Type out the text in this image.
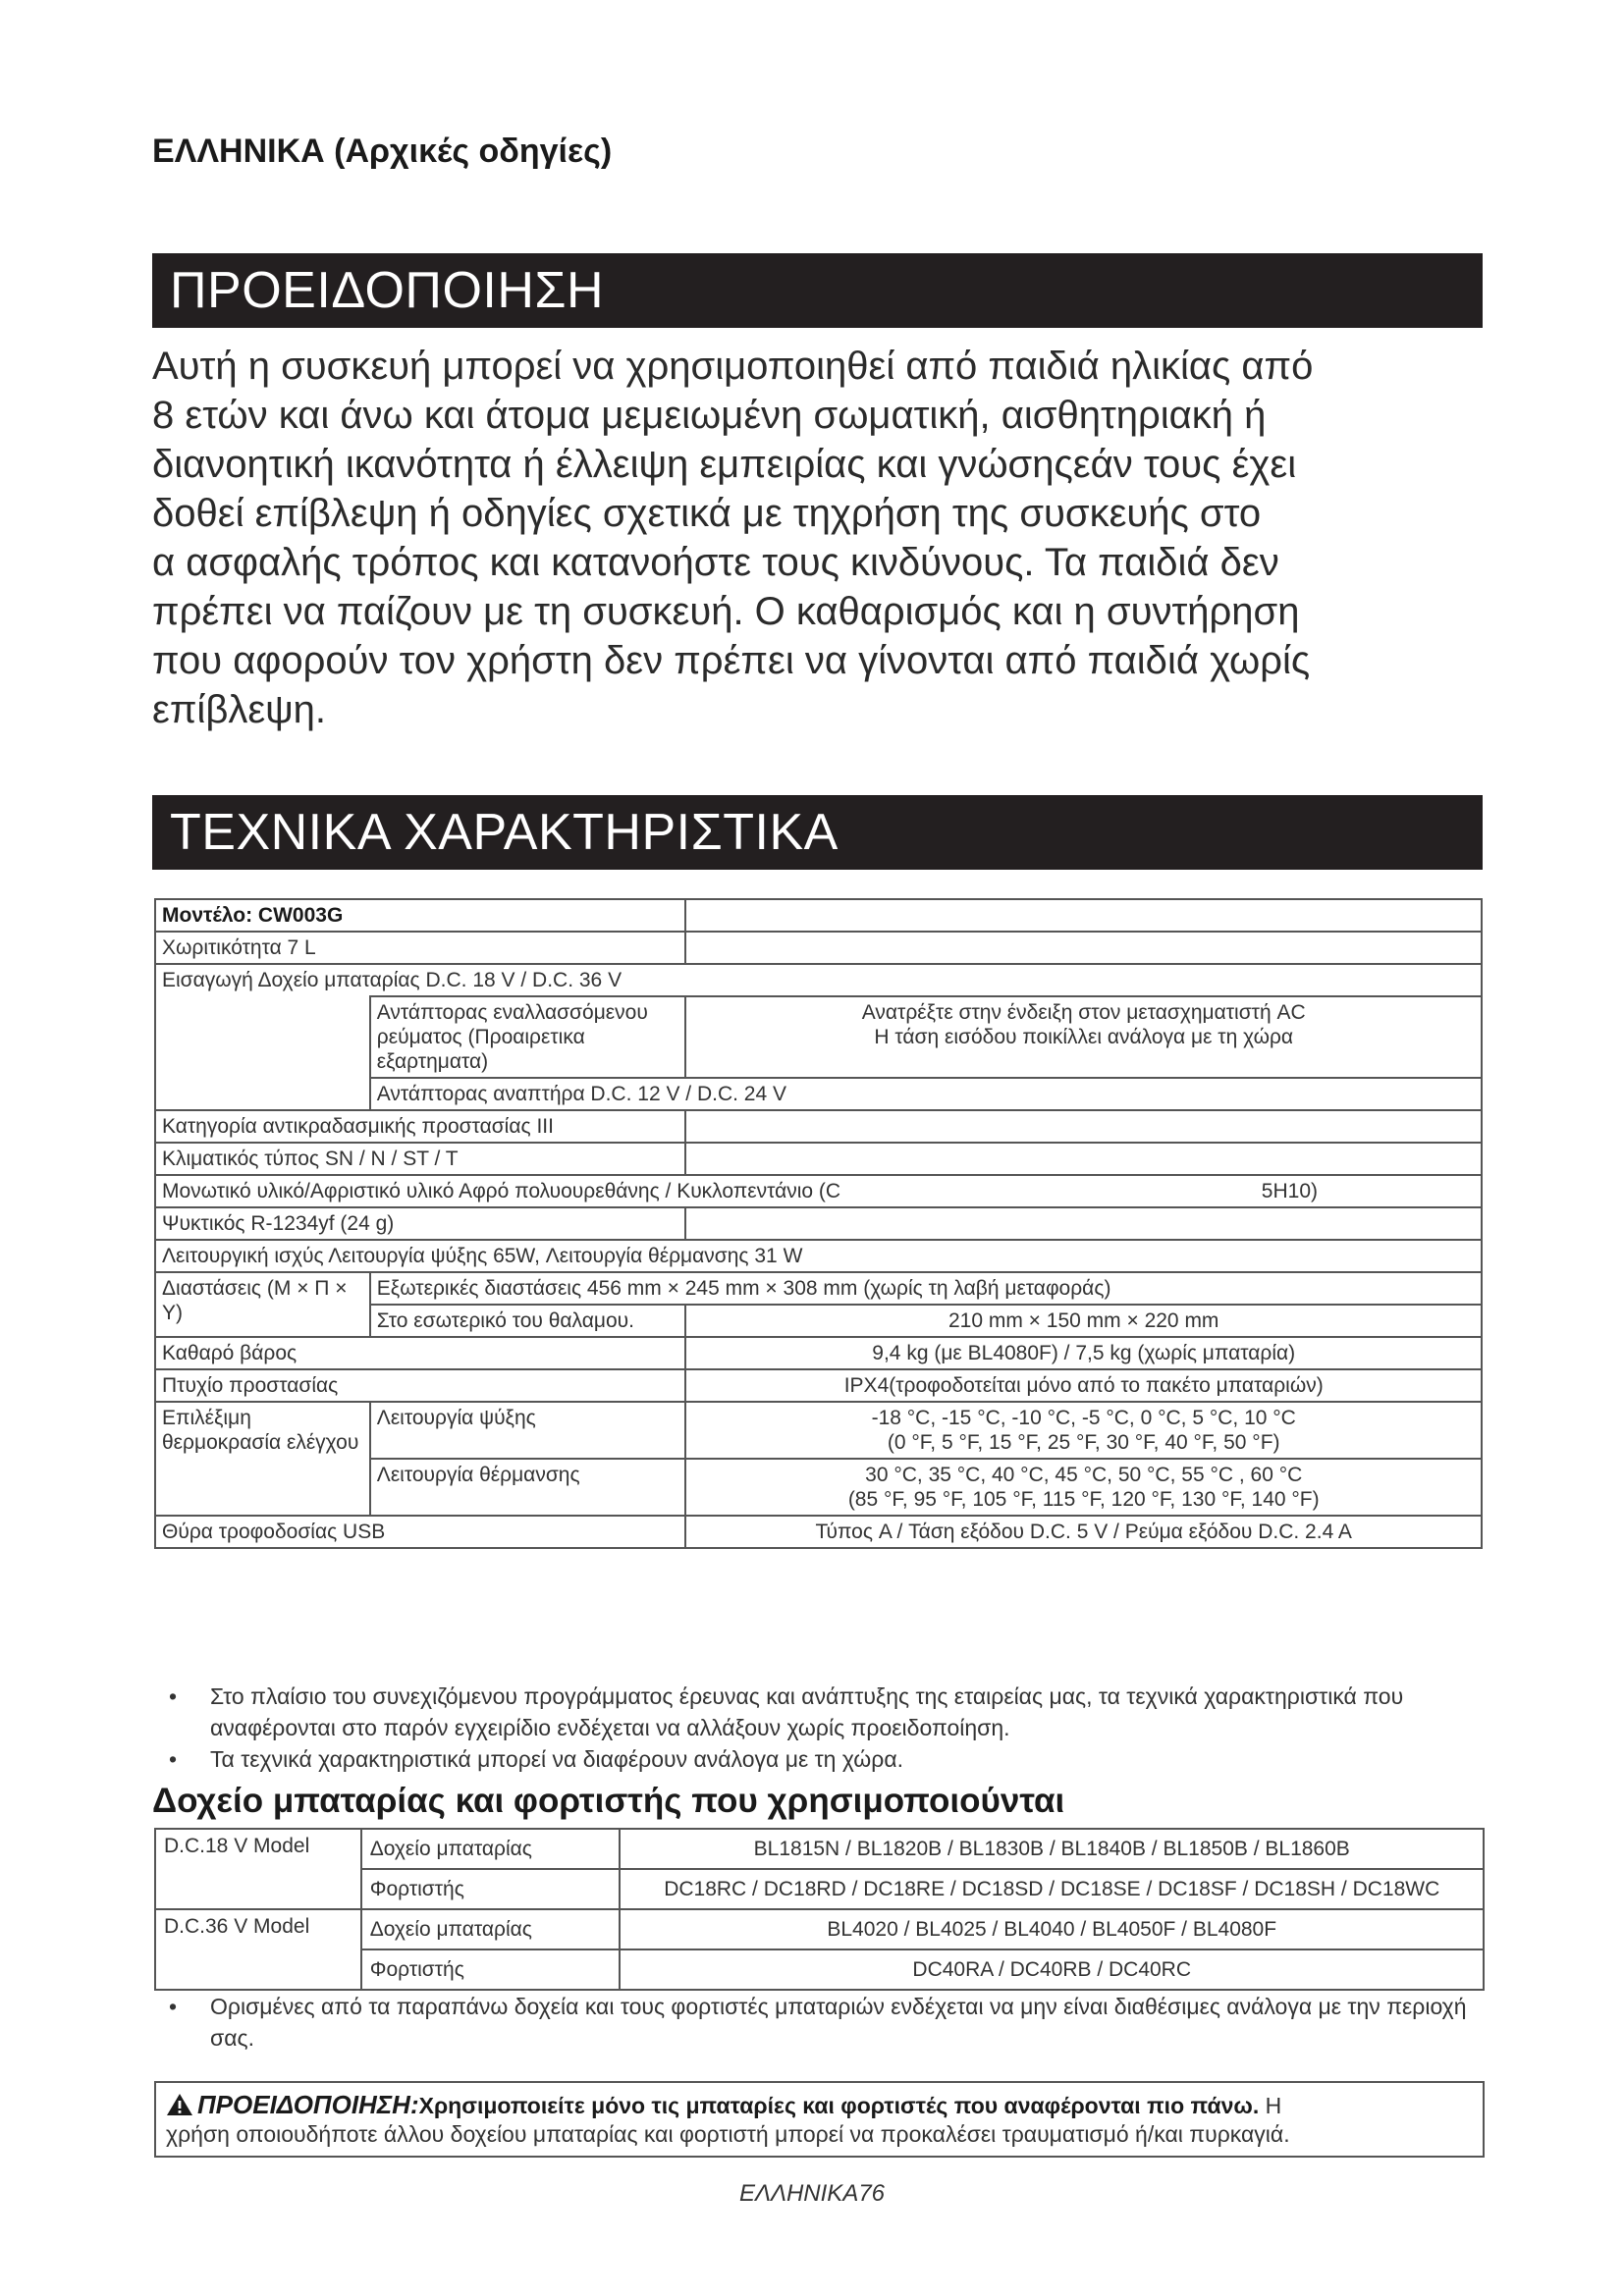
ΕΛΛΗΝΙΚΑ (Αρχικές οδηγίες)
ΠΡΟΕΙΔΟΠΟΙΗΣΗ
Αυτή η συσκευή μπορεί να χρησιμοποιηθεί από παιδιά ηλικίας από
8 ετών και άνω και άτομα μεμειωμένη σωματική, αισθητηριακή ή
διανοητική ικανότητα ή έλλειψη εμπειρίας και γνώσηςεάν τους έχει
δοθεί επίβλεψη ή οδηγίες σχετικά με τηχρήση της συσκευής στο
α ασφαλής τρόπος και κατανοήστε τους κινδύνους. Τα παιδιά δεν
πρέπει να παίζουν με τη συσκευή. Ο καθαρισμός και η συντήρηση
που αφορούν τον χρήστη δεν πρέπει να γίνονται από παιδιά χωρίς
επίβλεψη.
ΤΕΧΝΙΚΑ ΧΑΡΑΚΤΗΡΙΣΤΙΚΑ
Μοντέλο: CW003G		
Χωριτικότητα 7 L		
Εισαγωγή Δοχείο μπαταρίας D.C. 18 V / D.C. 36 V		
	Αντάπτορας εναλλασσόμενου ρεύματος (Προαιρετικα εξαρτηματα)	Ανατρέξτε στην ένδειξη στον μετασχηματιστή AC
Η τάση εισόδου ποικίλλει ανάλογα με τη χώρα

	Αντάπτορας αναπτήρα D.C. 12 V / D.C. 24 V	
Κατηγορία αντικραδασμικής προστασίας III		
Κλιματικός τύπος SN / N / ST / T		
Μονωτικό υλικό/Αφριστικό υλικό Αφρό πολυουρεθάνης / Κυκλοπεντάνιο (C 5H10)		

Ψυκτικός R-1234yf (24 g)		
Λειτουργική ισχύς Λειτουργία ψύξης 65W, Λειτουργία θέρμανσης 31 W		
Διαστάσεις (Μ × Π × Υ)	Εξωτερικές διαστάσεις 456 mm × 245 mm × 308 mm (χωρίς τη λαβή μεταφοράς)	
	Στο εσωτερικό του θαλαμου.	210 mm × 150 mm × 220 mm
Καθαρό βάρος		9,4 kg (με BL4080F) / 7,5 kg (χωρίς μπαταρία)
Πτυχίο προστασίας		IPX4(τροφοδοτείται μόνο από το πακέτο μπαταριών)
Επιλέξιμη θερμοκρασία ελέγχου	Λειτουργία ψύξης	-18 °C, -15 °C, -10 °C, -5 °C, 0 °C, 5 °C, 10 °C
(0 °F, 5 °F, 15 °F, 25 °F, 30 °F, 40 °F, 50 °F)

	Λειτουργία θέρμανσης	30 °C, 35 °C, 40 °C, 45 °C, 50 °C, 55 °C , 60 °C
(85 °F, 95 °F, 105 °F, 115 °F, 120 °F, 130 °F, 140 °F)

Θύρα τροφοδοσίας USB		Τύπος A / Τάση εξόδου D.C. 5 V / Ρεύμα εξόδου D.C. 2.4 A
• Στο πλαίσιο του συνεχιζόμενου προγράμματος έρευνας και ανάπτυξης της εταιρείας μας, τα τεχνικά χαρακτηριστικά που αναφέρονται στο παρόν εγχειρίδιο ενδέχεται να αλλάξουν χωρίς προειδοποίηση.
• Τα τεχνικά χαρακτηριστικά μπορεί να διαφέρουν ανάλογα με τη χώρα.
Δοχείο μπαταρίας και φορτιστής που χρησιμοποιούνται
D.C.18 V Model	Δοχείο μπαταρίας	BL1815N / BL1820B / BL1830B / BL1840B / BL1850B / BL1860B
	Φορτιστής	DC18RC / DC18RD / DC18RE / DC18SD / DC18SE / DC18SF / DC18SH / DC18WC
D.C.36 V Model	Δοχείο μπαταρίας	BL4020 / BL4025 / BL4040 / BL4050F / BL4080F
	Φορτιστής	DC40RA / DC40RB / DC40RC
• Ορισμένες από τα παραπάνω δοχεία και τους φορτιστές μπαταριών ενδέχεται να μην είναι διαθέσιμες ανάλογα με την περιοχή σας.
ΠΡΟΕΙΔΟΠΟΙΗΣΗ:Χρησιμοποιείτε μόνο τις μπαταρίες και φορτιστές που αναφέρονται πιο πάνω. Η
χρήση οποιουδήποτε άλλου δοχείου μπαταρίας και φορτιστή μπορεί να προκαλέσει τραυματισμό ή/και πυρκαγιά.
ΕΛΛΗΝΙΚΑ76
